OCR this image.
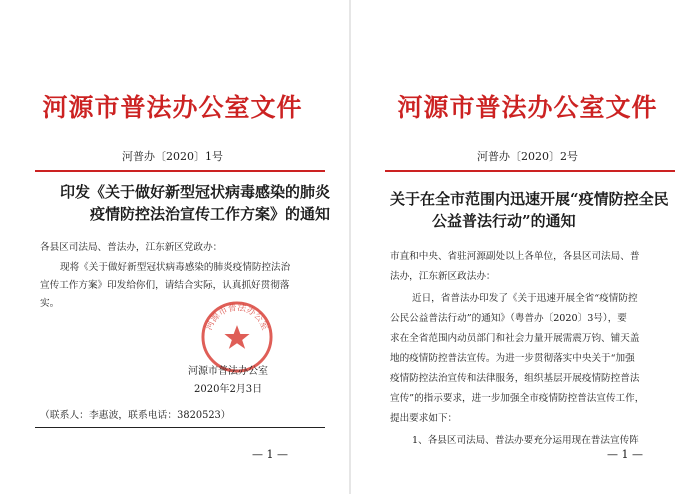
河源市普法办公室文件
河普办〔2020〕1号
印发《关于做好新型冠状病毒感染的肺炎
疫情防控法治宣传工作方案》的通知
各县区司法局、普法办，江东新区党政办：
现将《关于做好新型冠状病毒感染的肺炎疫情防控法治
宣传工作方案》印发给你们，请结合实际，认真抓好贯彻落
实。
河源市普法办公室
河源市普法办公室
2020年2月3日
（联系人：李惠波，联系电话：3820523）
— 1 —
河源市普法办公室文件
河普办〔2020〕2号
关于在全市范围内迅速开展“疫情防控全民
公益普法行动”的通知
市直和中央、省驻河源副处以上各单位，各县区司法局、普
法办，江东新区政法办：
近日，省普法办印发了《关于迅速开展全省“疫情防控
公民公益普法行动”的通知》（粤普办〔2020〕3号），要
求在全省范围内动员部门和社会力量开展需震万钧、铺天盖
地的疫情防控普法宣传。为进一步贯彻落实中央关于“加强
疫情防控法治宣传和法律服务，组织基层开展疫情防控普法
宣传”的指示要求，进一步加强全市疫情防控普法宣传工作，
提出要求如下：
1、各县区司法局、普法办要充分运用现在普法宣传阵
— 1 —
